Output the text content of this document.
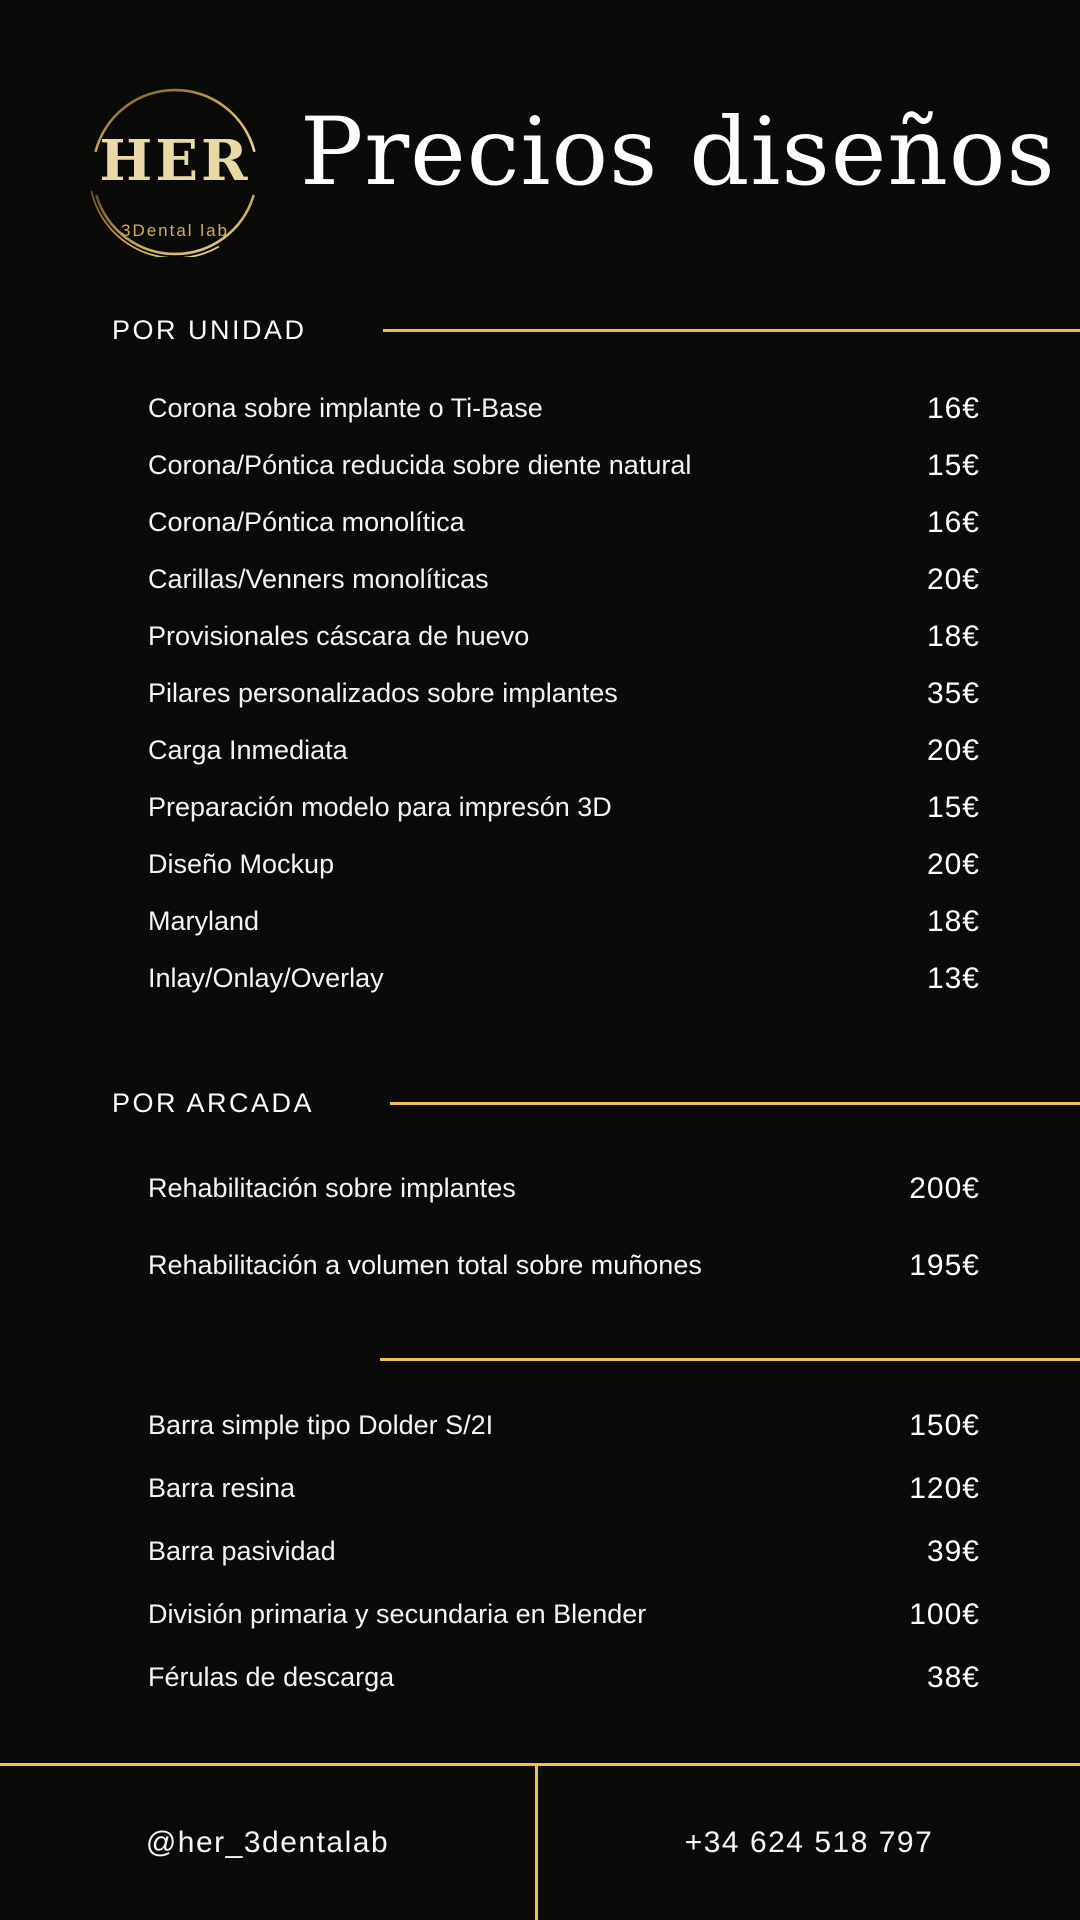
HER
3Dental lab
Precios diseños
POR UNIDAD
Corona sobre implante o Ti-Base	16€
Corona/Póntica reducida sobre diente natural	15€
Corona/Póntica monolítica	16€
Carillas/Venners monolíticas	20€
Provisionales cáscara de huevo	18€
Pilares personalizados sobre implantes	35€
Carga Inmediata	20€
Preparación modelo para impresón 3D	15€
Diseño Mockup	20€
Maryland	18€
Inlay/Onlay/Overlay	13€
POR ARCADA
Rehabilitación sobre implantes	200€
Rehabilitación a volumen total sobre muñones	195€
Barra simple tipo Dolder S/2I	150€
Barra resina	120€
Barra pasividad	39€
División primaria y secundaria en Blender	100€
Férulas de descarga	38€
@her_3dentalab	+34 624 518 797
